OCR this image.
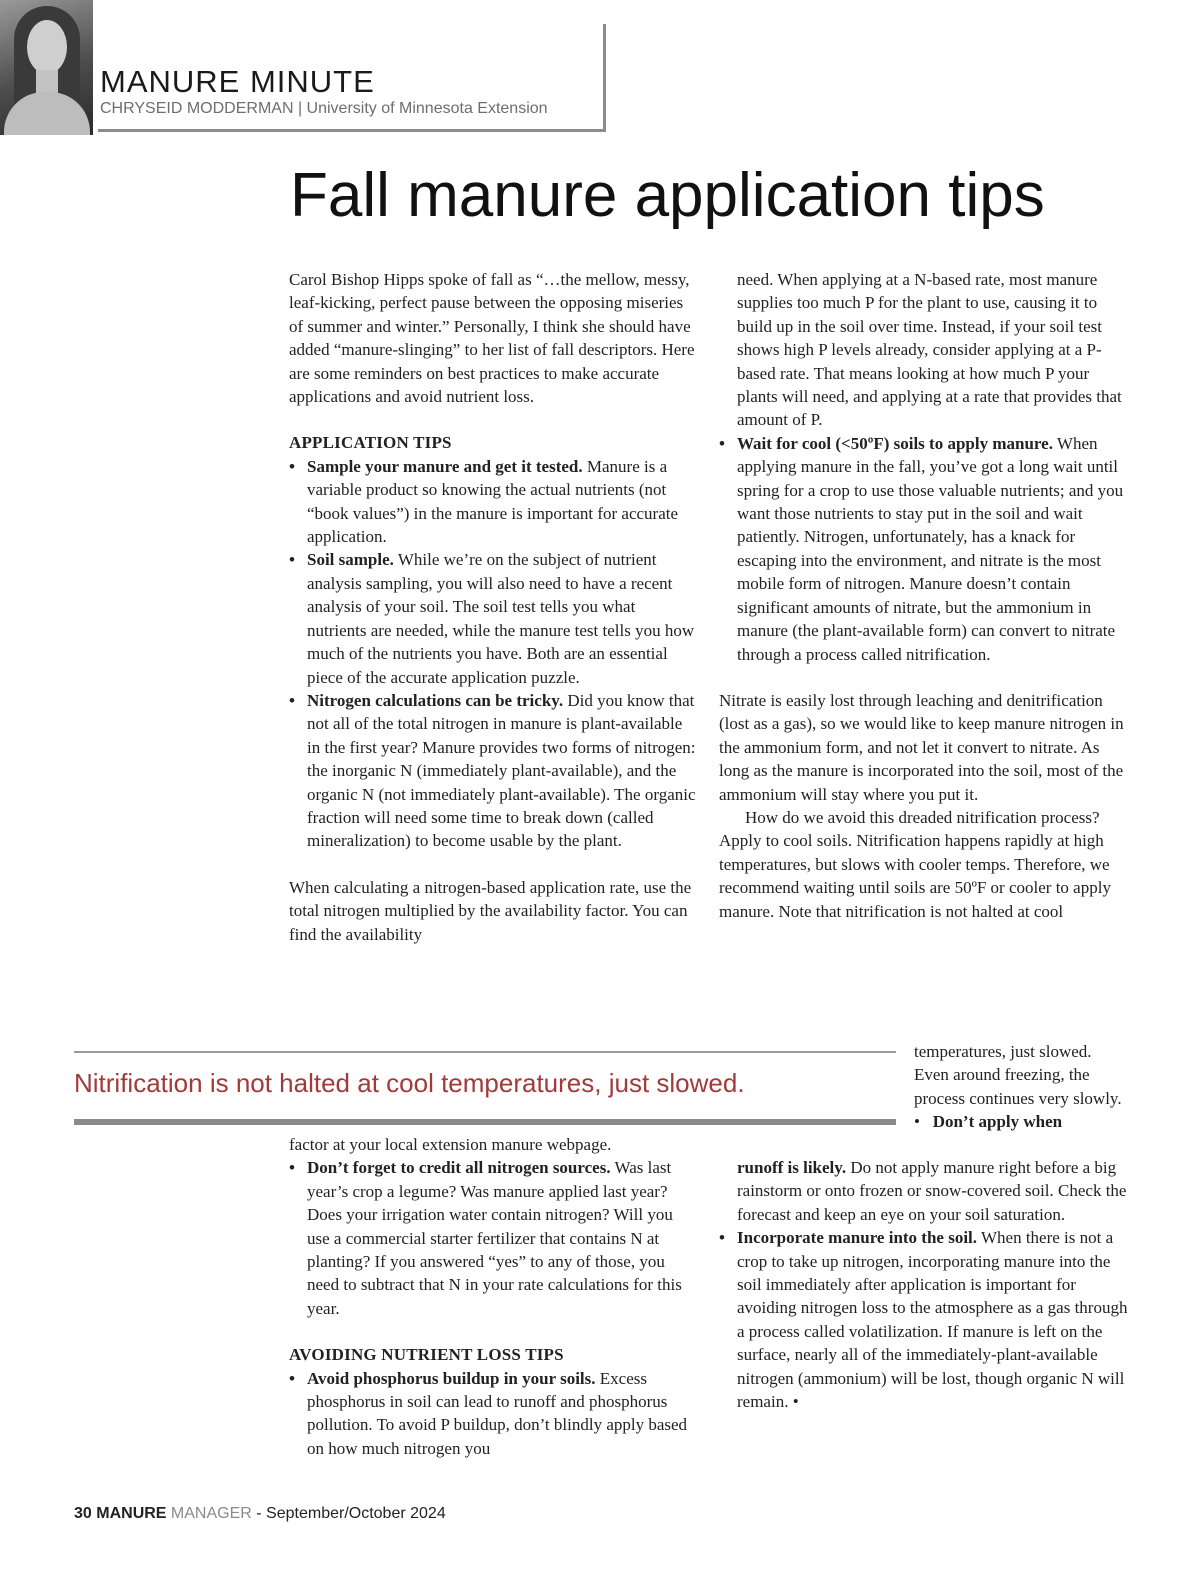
MANURE MINUTE
CHRYSEID MODDERMAN | University of Minnesota Extension
Fall manure application tips

Carol Bishop Hipps spoke of fall as “…the mellow, messy, leaf-kicking, perfect pause between the opposing miseries of summer and winter.” Personally, I think she should have added “manure-slinging” to her list of fall descriptors. Here are some reminders on best practices to make accurate applications and avoid nutrient loss.

APPLICATION TIPS

• Sample your manure and get it tested. Manure is a variable product so knowing the actual nutrients (not “book values”) in the manure is important for accurate application.
• Soil sample. While we’re on the subject of nutrient analysis sampling, you will also need to have a recent analysis of your soil. The soil test tells you what nutrients are needed, while the manure test tells you how much of the nutrients you have. Both are an essential piece of the accurate application puzzle.
• Nitrogen calculations can be tricky. Did you know that not all of the total nitrogen in manure is plant-available in the first year? Manure provides two forms of nitrogen: the inorganic N (immediately plant-available), and the organic N (not immediately plant-available). The organic fraction will need some time to break down (called mineralization) to become usable by the plant.

When calculating a nitrogen-based application rate, use the total nitrogen multiplied by the availability factor. You can find the availability

need. When applying at a N-based rate, most manure supplies too much P for the plant to use, causing it to build up in the soil over time. Instead, if your soil test shows high P levels already, consider applying at a P-based rate. That means looking at how much P your plants will need, and applying at a rate that provides that amount of P.
• Wait for cool (<50ºF) soils to apply manure. When applying manure in the fall, you’ve got a long wait until spring for a crop to use those valuable nutrients; and you want those nutrients to stay put in the soil and wait patiently. Nitrogen, unfortunately, has a knack for escaping into the environment, and nitrate is the most mobile form of nitrogen. Manure doesn’t contain significant amounts of nitrate, but the ammonium in manure (the plant-available form) can convert to nitrate through a process called nitrification.

Nitrate is easily lost through leaching and denitrification (lost as a gas), so we would like to keep manure nitrogen in the ammonium form, and not let it convert to nitrate. As long as the manure is incorporated into the soil, most of the ammonium will stay where you put it.

How do we avoid this dreaded nitrification process? Apply to cool soils. Nitrification happens rapidly at high temperatures, but slows with cooler temps. Therefore, we recommend waiting until soils are 50ºF or cooler to apply manure. Note that nitrification is not halted at cool

temperatures, just slowed. Even around freezing, the process continues very slowly.

•   Don’t apply when

Nitrification is not halted at cool temperatures, just slowed.
factor at your local extension manure webpage.
• Don’t forget to credit all nitrogen sources. Was last year’s crop a legume? Was manure applied last year? Does your irrigation water contain nitrogen? Will you use a commercial starter fertilizer that contains N at planting? If you answered “yes” to any of those, you need to subtract that N in your rate calculations for this year.

AVOIDING NUTRIENT LOSS TIPS

• Avoid phosphorus buildup in your soils. Excess phosphorus in soil can lead to runoff and phosphorus pollution. To avoid P buildup, don’t blindly apply based on how much nitrogen you
runoff is likely. Do not apply manure right before a big rainstorm or onto frozen or snow-covered soil. Check the forecast and keep an eye on your soil saturation.
• Incorporate manure into the soil. When there is not a crop to take up nitrogen, incorporating manure into the soil immediately after application is important for avoiding nitrogen loss to the atmosphere as a gas through a process called volatilization. If manure is left on the surface, nearly all of the immediately-plant-available nitrogen (ammonium) will be lost, though organic N will remain. •
30 MANURE MANAGER - September/October 2024
